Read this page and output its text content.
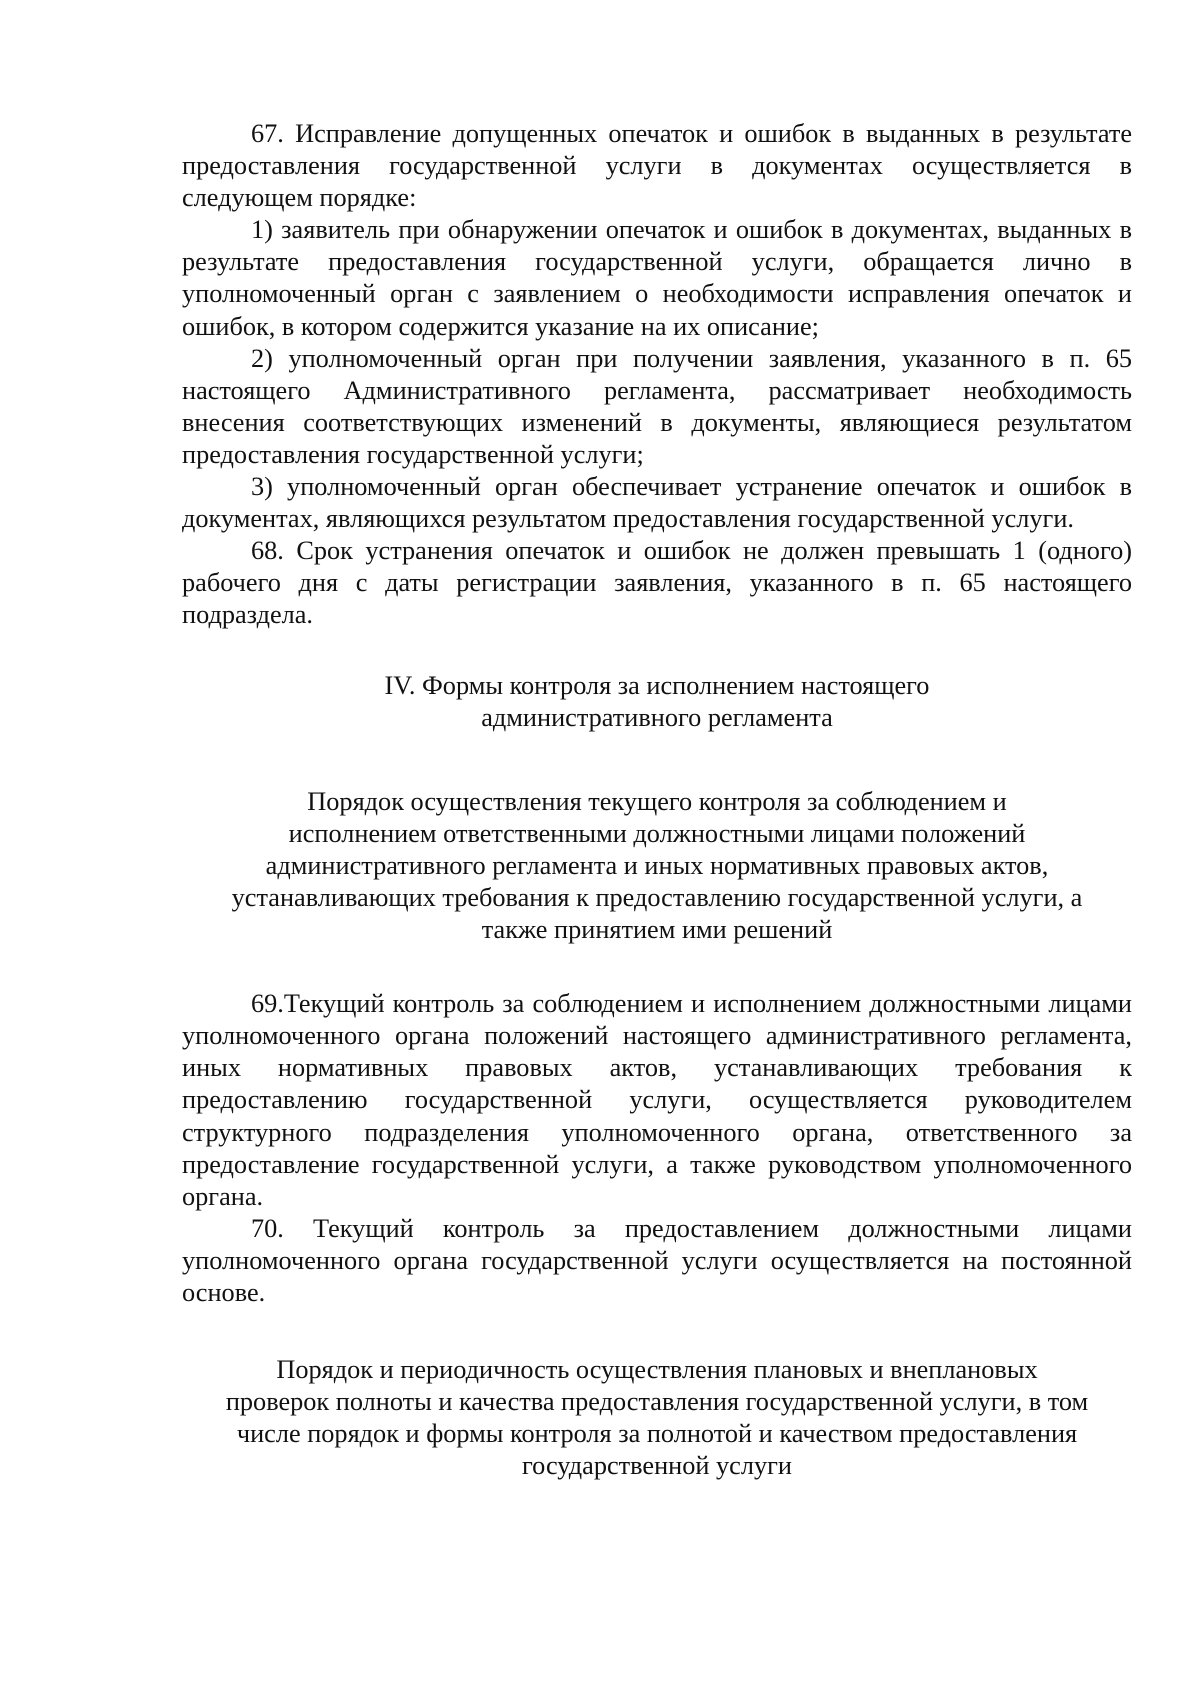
67. Исправление допущенных опечаток и ошибок в выданных в результате предоставления государственной услуги в документах осуществляется в следующем порядке:

1) заявитель при обнаружении опечаток и ошибок в документах, выданных в результате предоставления государственной услуги, обращается лично в уполномоченный орган с заявлением о необходимости исправления опечаток и ошибок, в котором содержится указание на их описание;

2) уполномоченный орган при получении заявления, указанного в п. 65 настоящего Административного регламента, рассматривает необходимость внесения соответствующих изменений в документы, являющиеся результатом предоставления государственной услуги;

3) уполномоченный орган обеспечивает устранение опечаток и ошибок в документах, являющихся результатом предоставления государственной услуги.

68. Срок устранения опечаток и ошибок не должен превышать 1 (одного) рабочего дня с даты регистрации заявления, указанного в п. 65 настоящего подраздела.

IV. Формы контроля за исполнением настоящего
административного регламента
Порядок осуществления текущего контроля за соблюдением и
исполнением ответственными должностными лицами положений
административного регламента и иных нормативных правовых актов,
устанавливающих требования к предоставлению государственной услуги, а
также принятием ими решений

69.Текущий контроль за соблюдением и исполнением должностными лицами уполномоченного органа положений настоящего административного регламента, иных нормативных правовых актов, устанавливающих требования к предоставлению государственной услуги, осуществляется руководителем структурного подразделения уполномоченного органа, ответственного за предоставление государственной услуги, а также руководством уполномоченного органа.

70. Текущий контроль за предоставлением должностными лицами уполномоченного органа государственной услуги осуществляется на постоянной основе.

Порядок и периодичность осуществления плановых и внеплановых
проверок полноты и качества предоставления государственной услуги, в том
числе порядок и формы контроля за полнотой и качеством предоставления
государственной услуги
